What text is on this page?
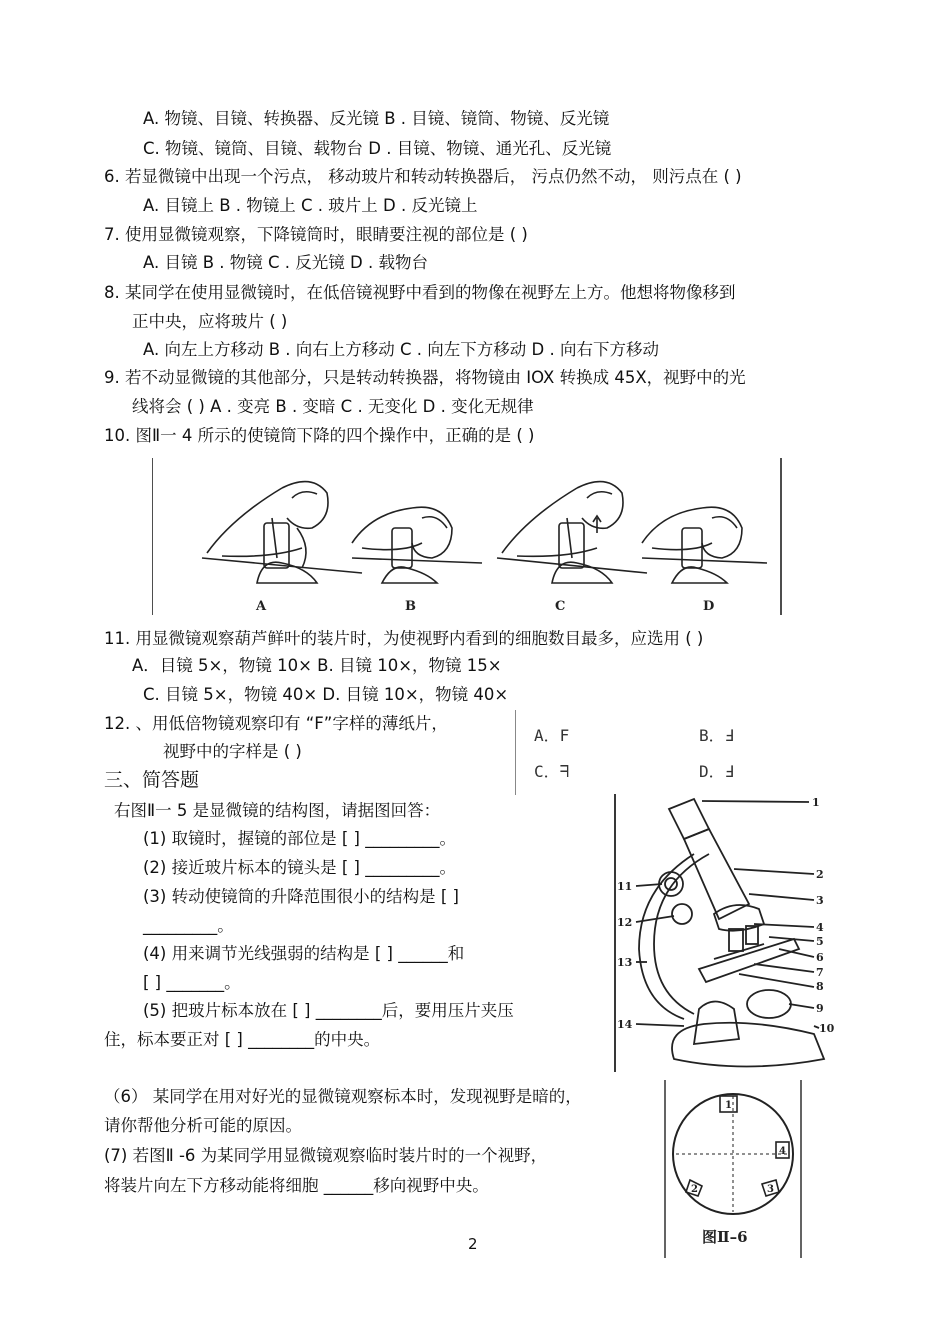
A. 物镜、目镜、转换器、反光镜 B . 目镜、镜筒、物镜、反光镜
C. 物镜、镜筒、目镜、载物台 D . 目镜、物镜、通光孔、反光镜
6. 若显微镜中出现一个污点， 移动玻片和转动转换器后， 污点仍然不动， 则污点在 ( )
A. 目镜上 B . 物镜上 C . 玻片上 D . 反光镜上
7. 使用显微镜观察，下降镜筒时，眼睛要注视的部位是 ( )
A. 目镜 B . 物镜 C . 反光镜 D . 载物台
8. 某同学在使用显微镜时，在低倍镜视野中看到的物像在视野左上方。他想将物像移到
正中央，应将玻片 ( )
A. 向左上方移动 B . 向右上方移动 C . 向左下方移动 D . 向右下方移动
9. 若不动显微镜的其他部分，只是转动转换器，将物镜由 IOX 转换成 45X，视野中的光
线将会 ( ) A . 变亮 B . 变暗 C . 无变化 D . 变化无规律
10. 图Ⅱ一 4 所示的使镜筒下降的四个操作中，正确的是 ( )
A	B	C	D
11. 用显微镜观察葫芦鲜叶的装片时，为使视野内看到的细胞数目最多，应选用 ( )
A．目镜 5×，物镜 10× B. 目镜 10×，物镜 15×
C. 目镜 5×，物镜 40× D. 目镜 10×，物镜 40×
12. 、用低倍物镜观察印有 “F”字样的薄纸片，
视野中的字样是 ( )
A．F	B．Ⅎ
C．ᖷ	D．Ⅎ
三、简答题
右图Ⅱ一 5 是显微镜的结构图，请据图回答：
(1) 取镜时，握镜的部位是 [ ] _________。
(2) 接近玻片标本的镜头是 [ ] _________。
(3) 转动使镜筒的升降范围很小的结构是 [ ]
_________。
(4) 用来调节光线强弱的结构是 [ ] ______和
[ ] _______。
(5) 把玻片标本放在 [ ] ________后，要用压片夹压
住，标本要正对 [ ] ________的中央。
1
2
3
4
5
6
7
8
9
10
11
12
13
14
（6） 某同学在用对好光的显微镜观察标本时，发现视野是暗的，
请你帮他分析可能的原因。
(7) 若图Ⅱ -6 为某同学用显微镜观察临时装片时的一个视野，
将装片向左下方移动能将细胞 ______移向视野中央。
1
4
2	3
图Ⅱ–6
2
